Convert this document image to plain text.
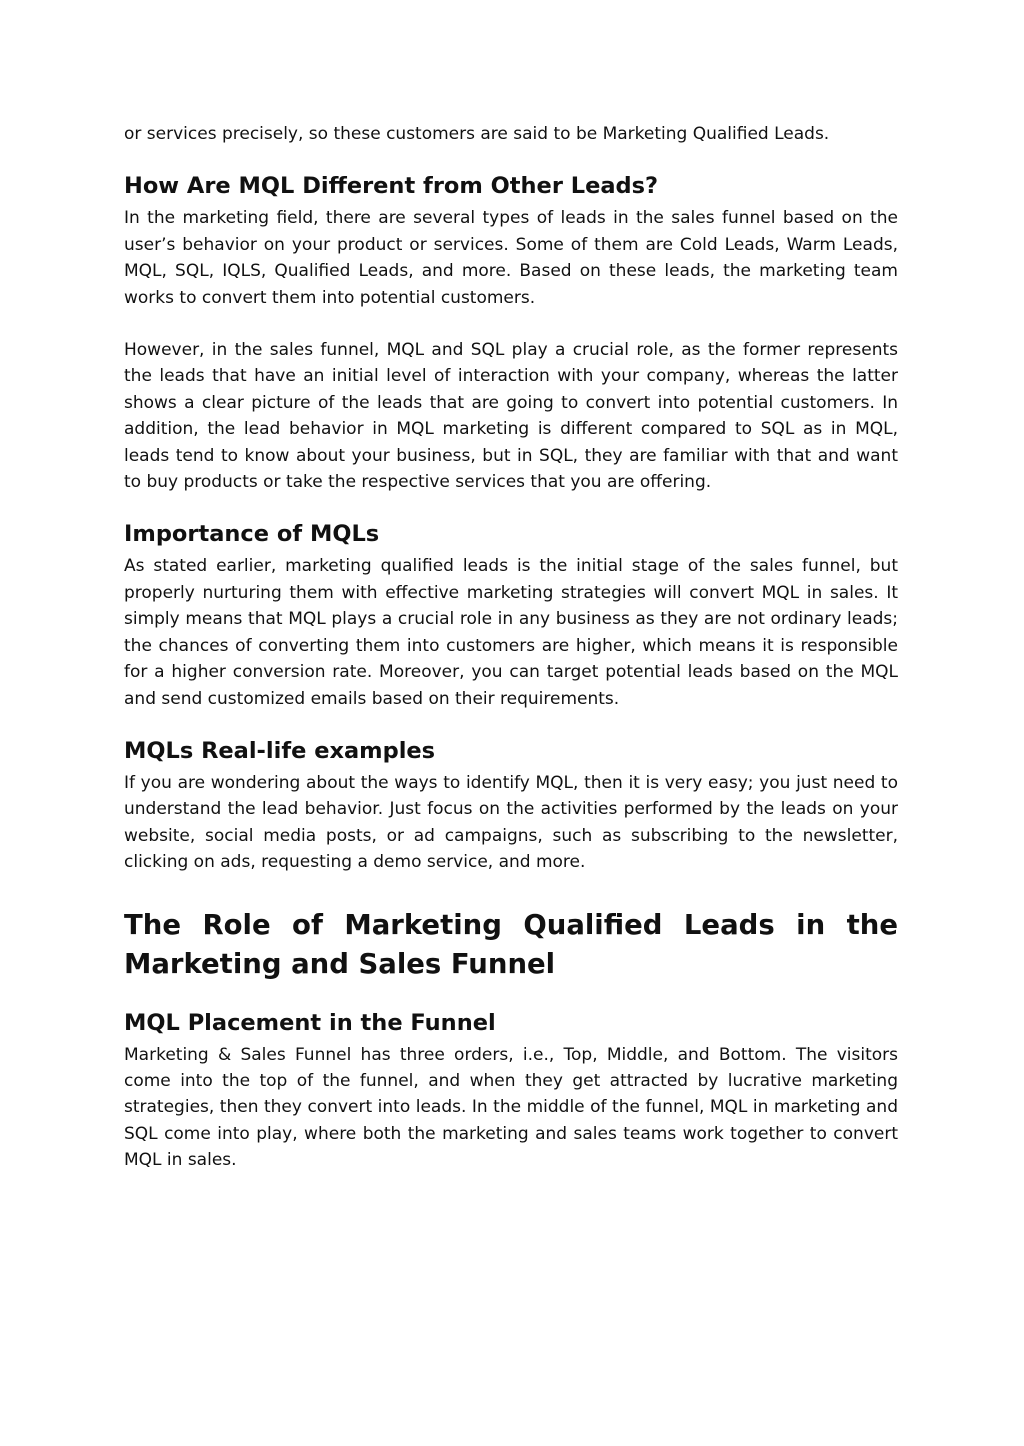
or services precisely, so these customers are said to be Marketing Qualified Leads.

How Are MQL Different from Other Leads?

In the marketing field, there are several types of leads in the sales funnel based on the user’s behavior on your product or services. Some of them are Cold Leads, Warm Leads, MQL, SQL, IQLS, Qualified Leads, and more. Based on these leads, the marketing team works to convert them into potential customers.

However, in the sales funnel, MQL and SQL play a crucial role, as the former represents the leads that have an initial level of interaction with your company, whereas the latter shows a clear picture of the leads that are going to convert into potential customers. In addition, the lead behavior in MQL marketing is different compared to SQL as in MQL, leads tend to know about your business, but in SQL, they are familiar with that and want to buy products or take the respective services that you are offering.

Importance of MQLs

As stated earlier, marketing qualified leads is the initial stage of the sales funnel, but properly nurturing them with effective marketing strategies will convert MQL in sales. It simply means that MQL plays a crucial role in any business as they are not ordinary leads; the chances of converting them into customers are higher, which means it is responsible for a higher conversion rate. Moreover, you can target potential leads based on the MQL and send customized emails based on their requirements.

MQLs Real-life examples

If you are wondering about the ways to identify MQL, then it is very easy; you just need to understand the lead behavior. Just focus on the activities performed by the leads on your website, social media posts, or ad campaigns, such as subscribing to the newsletter, clicking on ads, requesting a demo service, and more.

The Role of Marketing Qualified Leads in the Marketing and Sales Funnel
MQL Placement in the Funnel

Marketing & Sales Funnel has three orders, i.e., Top, Middle, and Bottom. The visitors come into the top of the funnel, and when they get attracted by lucrative marketing strategies, then they convert into leads. In the middle of the funnel, MQL in marketing and SQL come into play, where both the marketing and sales teams work together to convert MQL in sales.
